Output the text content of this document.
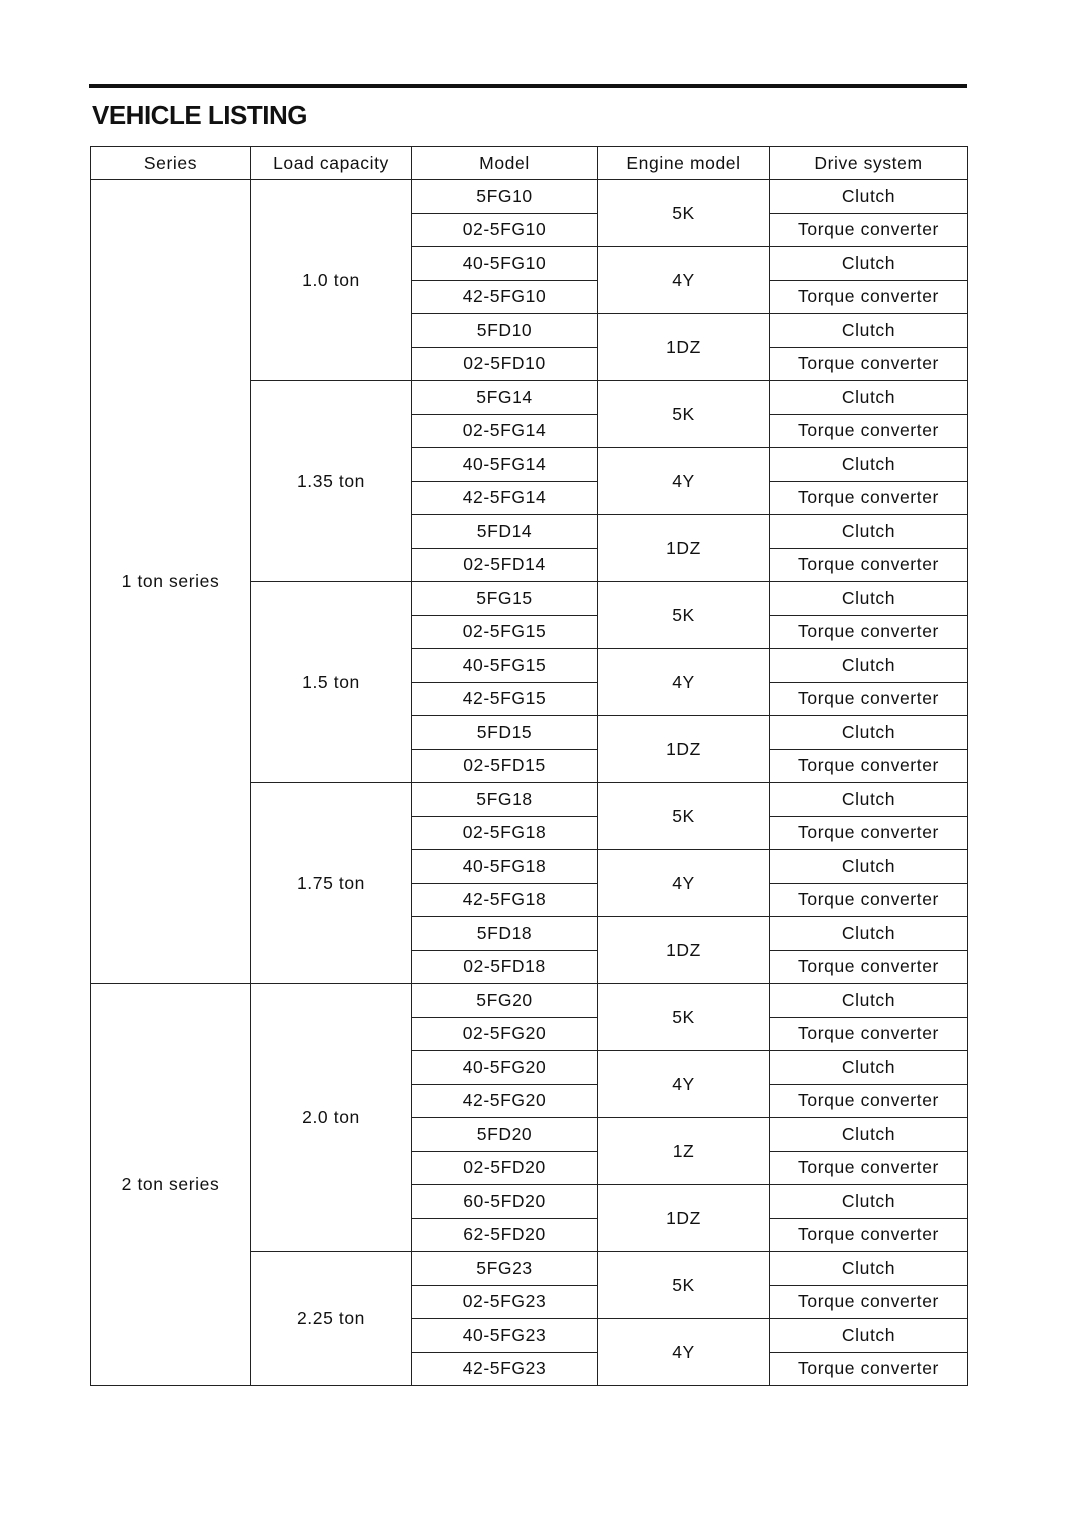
VEHICLE LISTING
Series	Load capacity	Model	Engine model	Drive system
1 ton series	1.0 ton	5FG10	5K	Clutch
		02-5FG10		Torque converter
		40-5FG10	4Y	Clutch
		42-5FG10		Torque converter
		5FD10	1DZ	Clutch
		02-5FD10		Torque converter
	1.35 ton	5FG14	5K	Clutch
		02-5FG14		Torque converter
		40-5FG14	4Y	Clutch
		42-5FG14		Torque converter
		5FD14	1DZ	Clutch
		02-5FD14		Torque converter
	1.5 ton	5FG15	5K	Clutch
		02-5FG15		Torque converter
		40-5FG15	4Y	Clutch
		42-5FG15		Torque converter
		5FD15	1DZ	Clutch
		02-5FD15		Torque converter
	1.75 ton	5FG18	5K	Clutch
		02-5FG18		Torque converter
		40-5FG18	4Y	Clutch
		42-5FG18		Torque converter
		5FD18	1DZ	Clutch
		02-5FD18		Torque converter
2 ton series	2.0 ton	5FG20	5K	Clutch
		02-5FG20		Torque converter
		40-5FG20	4Y	Clutch
		42-5FG20		Torque converter
		5FD20	1Z	Clutch
		02-5FD20		Torque converter
		60-5FD20	1DZ	Clutch
		62-5FD20		Torque converter
	2.25 ton	5FG23	5K	Clutch
		02-5FG23		Torque converter
		40-5FG23	4Y	Clutch
		42-5FG23		Torque converter
